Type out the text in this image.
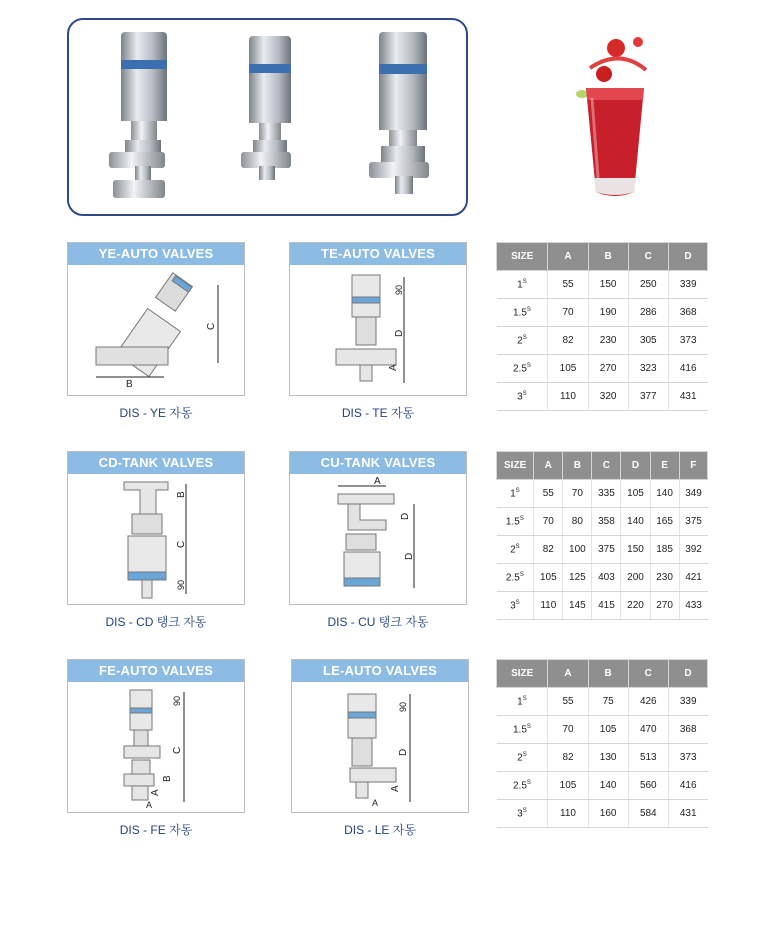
YE-AUTO VALVES
C
B
DIS - YE 자동
TE-AUTO VALVES
90
D
A
DIS - TE 자동
CD-TANK VALVES
B
C
90
DIS - CD 탱크 자동
CU-TANK VALVES
A
D
D
DIS - CU 탱크 자동
FE-AUTO VALVES
90
C
B
A
A
DIS - FE 자동
LE-AUTO VALVES
90
D
A
A
DIS - LE 자동
SIZE	A	B	C	D
$1^S$	55	150	250	339
$1.5^S$	70	190	286	368
$2^S$	82	230	305	373
$2.5^S$	105	270	323	416
$3^S$	110	320	377	431
SIZE	A	B	C	D	E	F
$1^S$	55	70	335	105	140	349
$1.5^S$	70	80	358	140	165	375
$2^S$	82	100	375	150	185	392
$2.5^S$	105	125	403	200	230	421
$3^S$	110	145	415	220	270	433
SIZE	A	B	C	D
$1^S$	55	75	426	339
$1.5^S$	70	105	470	368
$2^S$	82	130	513	373
$2.5^S$	105	140	560	416
$3^S$	110	160	584	431
